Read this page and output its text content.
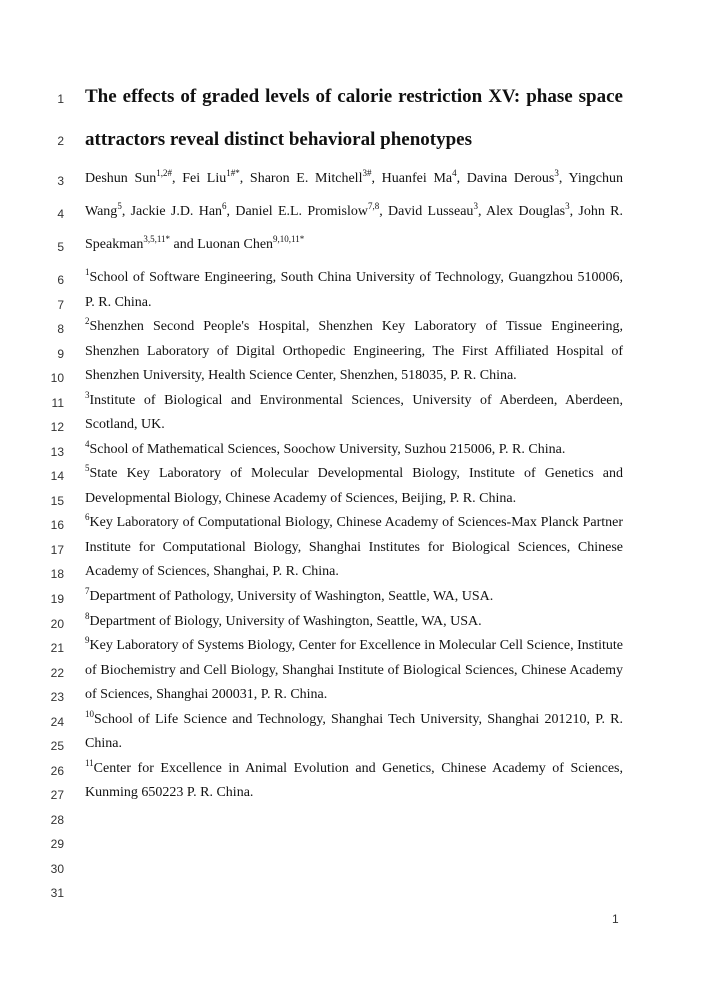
1
2
3
4
5
6
7
8
9
10
11
12
13
14
15
16
17
18
19
20
21
22
23
24
25
26
27
28
29
30
31
The effects of graded levels of calorie restriction XV: phase space
attractors reveal distinct behavioral phenotypes
Deshun Sun$^{1,2\#}$, Fei Liu$^{1\#*}$, Sharon E. Mitchell$^{3\#}$, Huanfei Ma$^4$, Davina Derous$^3$, Yingchun
Wang$^5$, Jackie J.D. Han$^6$, Daniel E.L. Promislow$^{7,8}$, David Lusseau$^3$, Alex Douglas$^3$, John R.
Speakman$^{3,5,11*}$ and Luonan Chen$^{9,10,11*}$
$^1$School of Software Engineering, South China University of Technology, Guangzhou 510006,
P. R. China.
$^2$Shenzhen Second People's Hospital, Shenzhen Key Laboratory of Tissue Engineering,
Shenzhen Laboratory of Digital Orthopedic Engineering, The First Affiliated Hospital of
Shenzhen University, Health Science Center, Shenzhen, 518035, P. R. China.
$^3$Institute of Biological and Environmental Sciences, University of Aberdeen, Aberdeen,
Scotland, UK.
$^4$School of Mathematical Sciences, Soochow University, Suzhou 215006, P. R. China.
$^5$State Key Laboratory of Molecular Developmental Biology, Institute of Genetics and
Developmental Biology, Chinese Academy of Sciences, Beijing, P. R. China.
$^6$Key Laboratory of Computational Biology, Chinese Academy of Sciences-Max Planck Partner
Institute for Computational Biology, Shanghai Institutes for Biological Sciences, Chinese
Academy of Sciences, Shanghai, P. R. China.
$^7$Department of Pathology, University of Washington, Seattle, WA, USA.
$^8$Department of Biology, University of Washington, Seattle, WA, USA.
$^9$Key Laboratory of Systems Biology, Center for Excellence in Molecular Cell Science, Institute
of Biochemistry and Cell Biology, Shanghai Institute of Biological Sciences, Chinese Academy
of Sciences, Shanghai 200031, P. R. China.
$^{10}$School of Life Science and Technology, Shanghai Tech University, Shanghai 201210, P. R.
China.
$^{11}$Center for Excellence in Animal Evolution and Genetics, Chinese Academy of Sciences,
Kunming 650223 P. R. China.
1
